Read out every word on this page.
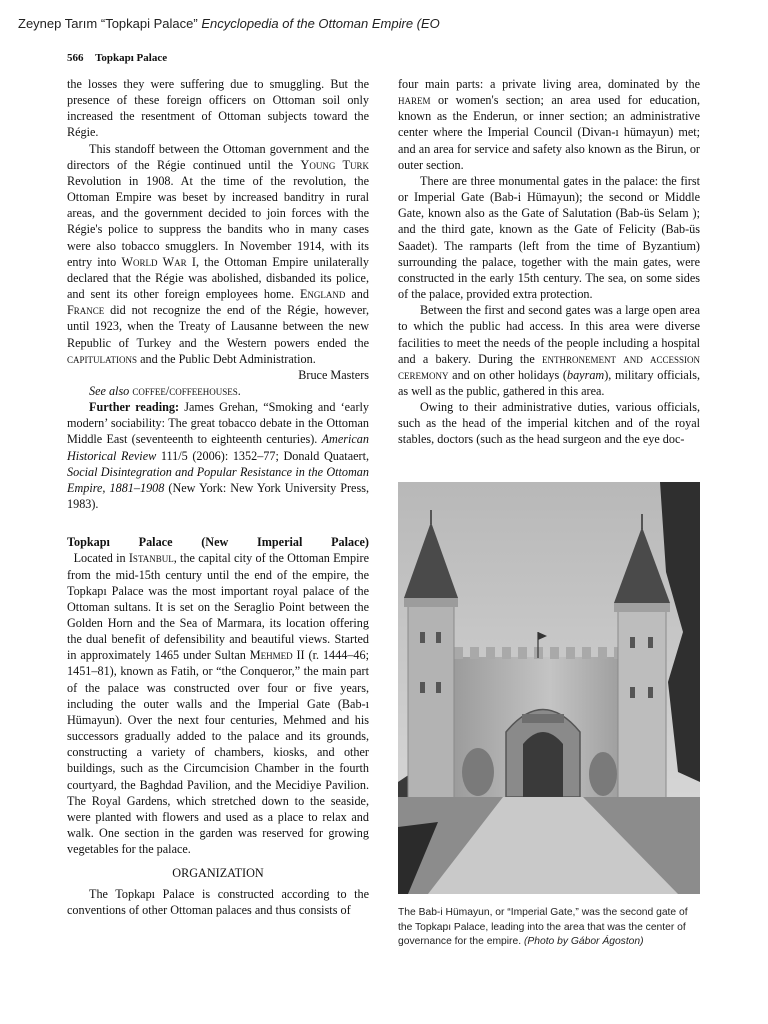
Zeynep Tarım “Topkapi Palace” Encyclopedia of the Ottoman Empire (EO
566 Topkapı Palace

the losses they were suffering due to smuggling. But the presence of these foreign officers on Ottoman soil only increased the resentment of Ottoman subjects toward the Régie.

This standoff between the Ottoman government and the directors of the Régie continued until the Young Turk Revolution in 1908. At the time of the revolution, the Ottoman Empire was beset by increased banditry in rural areas, and the government decided to join forces with the Régie's police to suppress the bandits who in many cases were also tobacco smugglers. In November 1914, with its entry into World War I, the Ottoman Empire unilaterally declared that the Régie was abolished, disbanded its police, and sent its other foreign employees home. England and France did not recognize the end of the Régie, however, until 1923, when the Treaty of Lausanne between the new Republic of Turkey and the Western powers ended the capitulations and the Public Debt Administration.

Bruce Masters

See also coffee/coffeehouses.

Further reading: James Grehan, “Smoking and ‘early modern’ sociability: The great tobacco debate in the Ottoman Middle East (seventeenth to eighteenth centuries). American Historical Review 111/5 (2006): 1352–77; Donald Quataert, Social Disintegration and Popular Resistance in the Ottoman Empire, 1881–1908 (New York: New York University Press, 1983).

Topkapı Palace (New Imperial Palace)  Located in Istanbul, the capital city of the Ottoman Empire from the mid-15th century until the end of the empire, the Topkapı Palace was the most important royal palace of the Ottoman sultans. It is set on the Seraglio Point between the Golden Horn and the Sea of Marmara, its location offering the dual benefit of defensibility and beautiful views. Started in approximately 1465 under Sultan Mehmed II (r. 1444–46; 1451–81), known as Fatih, or “the Conqueror,” the main part of the palace was constructed over four or five years, including the outer walls and the Imperial Gate (Bab-ı Hümayun). Over the next four centuries, Mehmed and his successors gradually added to the palace and its grounds, constructing a variety of chambers, kiosks, and other buildings, such as the Circumcision Chamber in the fourth courtyard, the Baghdad Pavilion, and the Mecidiye Pavilion. The Royal Gardens, which stretched down to the seaside, were planted with flowers and used as a place to relax and walk. One section in the garden was reserved for growing vegetables for the palace.

ORGANIZATION

The Topkapı Palace is constructed according to the conventions of other Ottoman palaces and thus consists of

four main parts: a private living area, dominated by the harem or women's section; an area used for education, known as the Enderun, or inner section; an administrative center where the Imperial Council (Divan-ı hümayun) met; and an area for service and safety also known as the Birun, or outer section.

There are three monumental gates in the palace: the first or Imperial Gate (Bab-i Hümayun); the second or Middle Gate, known also as the Gate of Salutation (Bab-üs Selam ); and the third gate, known as the Gate of Felicity (Bab-üs Saadet). The ramparts (left from the time of Byzantium) surrounding the palace, together with the main gates, were constructed in the early 15th century. The sea, on some sides of the palace, provided extra protection.

Between the first and second gates was a large open area to which the public had access. In this area were diverse facilities to meet the needs of the people including a hospital and a bakery. During the enthronement and accession ceremony and on other holidays (bayram), military officials, as well as the public, gathered in this area.

Owing to their administrative duties, various officials, such as the head of the imperial kitchen and of the royal stables, doctors (such as the head surgeon and the eye doc-

The Bab-i Hümayun, or “Imperial Gate,” was the second gate of the Topkapı Palace, leading into the area that was the center of governance for the empire. (Photo by Gábor Ágoston)
